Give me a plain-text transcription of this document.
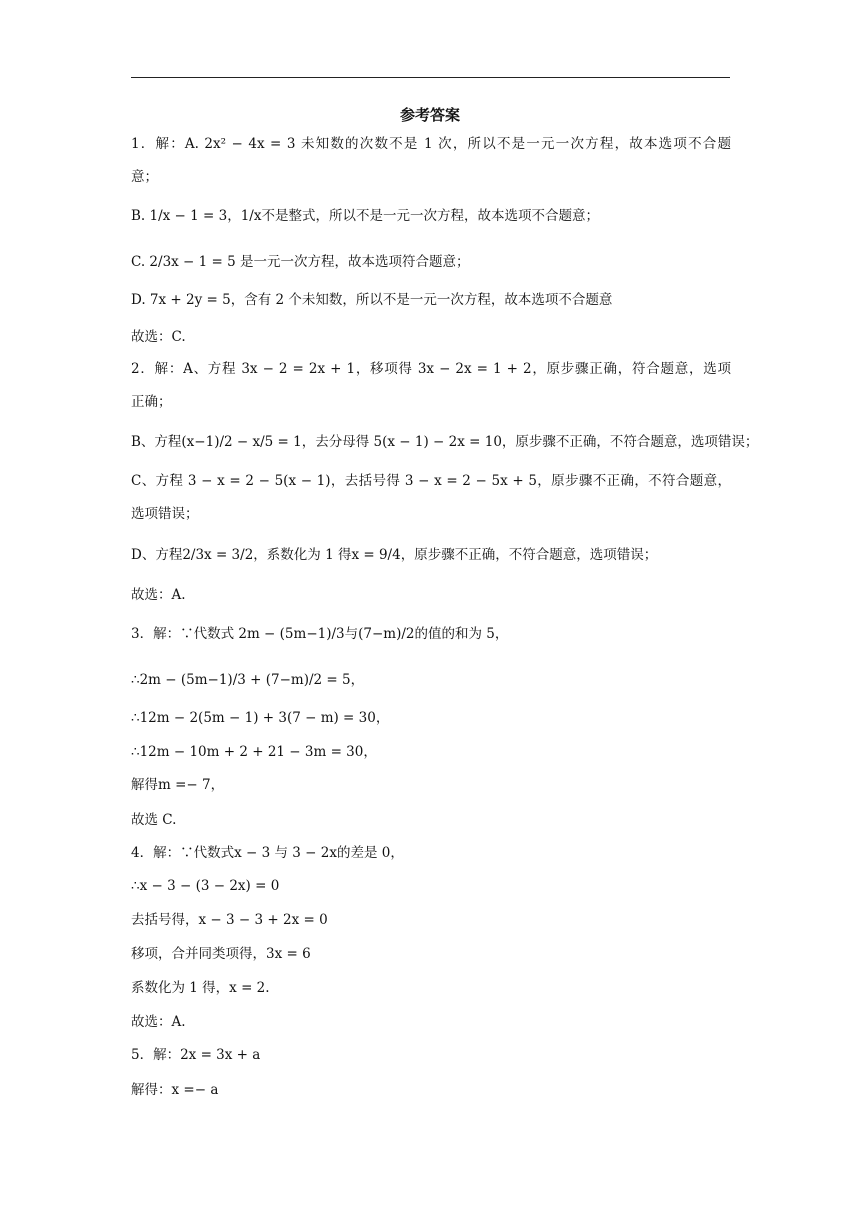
参考答案
1．解：A. 2x² − 4x = 3 未知数的次数不是 1 次，所以不是一元一次方程，故本选项不合题
意；
B. 1/x − 1 = 3，1/x不是整式，所以不是一元一次方程，故本选项不合题意；
C. 2/3x − 1 = 5 是一元一次方程，故本选项符合题意；
D. 7x + 2y = 5，含有 2 个未知数，所以不是一元一次方程，故本选项不合题意
故选：C.
2．解：A、方程 3x − 2 = 2x + 1，移项得 3x − 2x = 1 + 2，原步骤正确，符合题意，选项
正确；
B、方程(x−1)/2 − x/5 = 1，去分母得 5(x − 1) − 2x = 10，原步骤不正确，不符合题意，选项错误；
C、方程 3 − x = 2 − 5(x − 1)，去括号得 3 − x = 2 − 5x + 5，原步骤不正确，不符合题意，
选项错误；
D、方程2/3x = 3/2，系数化为 1 得x = 9/4，原步骤不正确，不符合题意，选项错误；
故选：A.
3．解：∵代数式 2m − (5m−1)/3与(7−m)/2的值的和为 5，
∴2m − (5m−1)/3 + (7−m)/2 = 5，
∴12m − 2(5m − 1) + 3(7 − m) = 30，
∴12m − 10m + 2 + 21 − 3m = 30，
解得m =− 7，
故选 C.
4．解：∵代数式x − 3 与 3 − 2x的差是 0，
∴x − 3 − (3 − 2x) = 0
去括号得，x − 3 − 3 + 2x = 0
移项，合并同类项得，3x = 6
系数化为 1 得，x = 2.
故选：A.
5．解：2x = 3x + a
解得：x =− a
